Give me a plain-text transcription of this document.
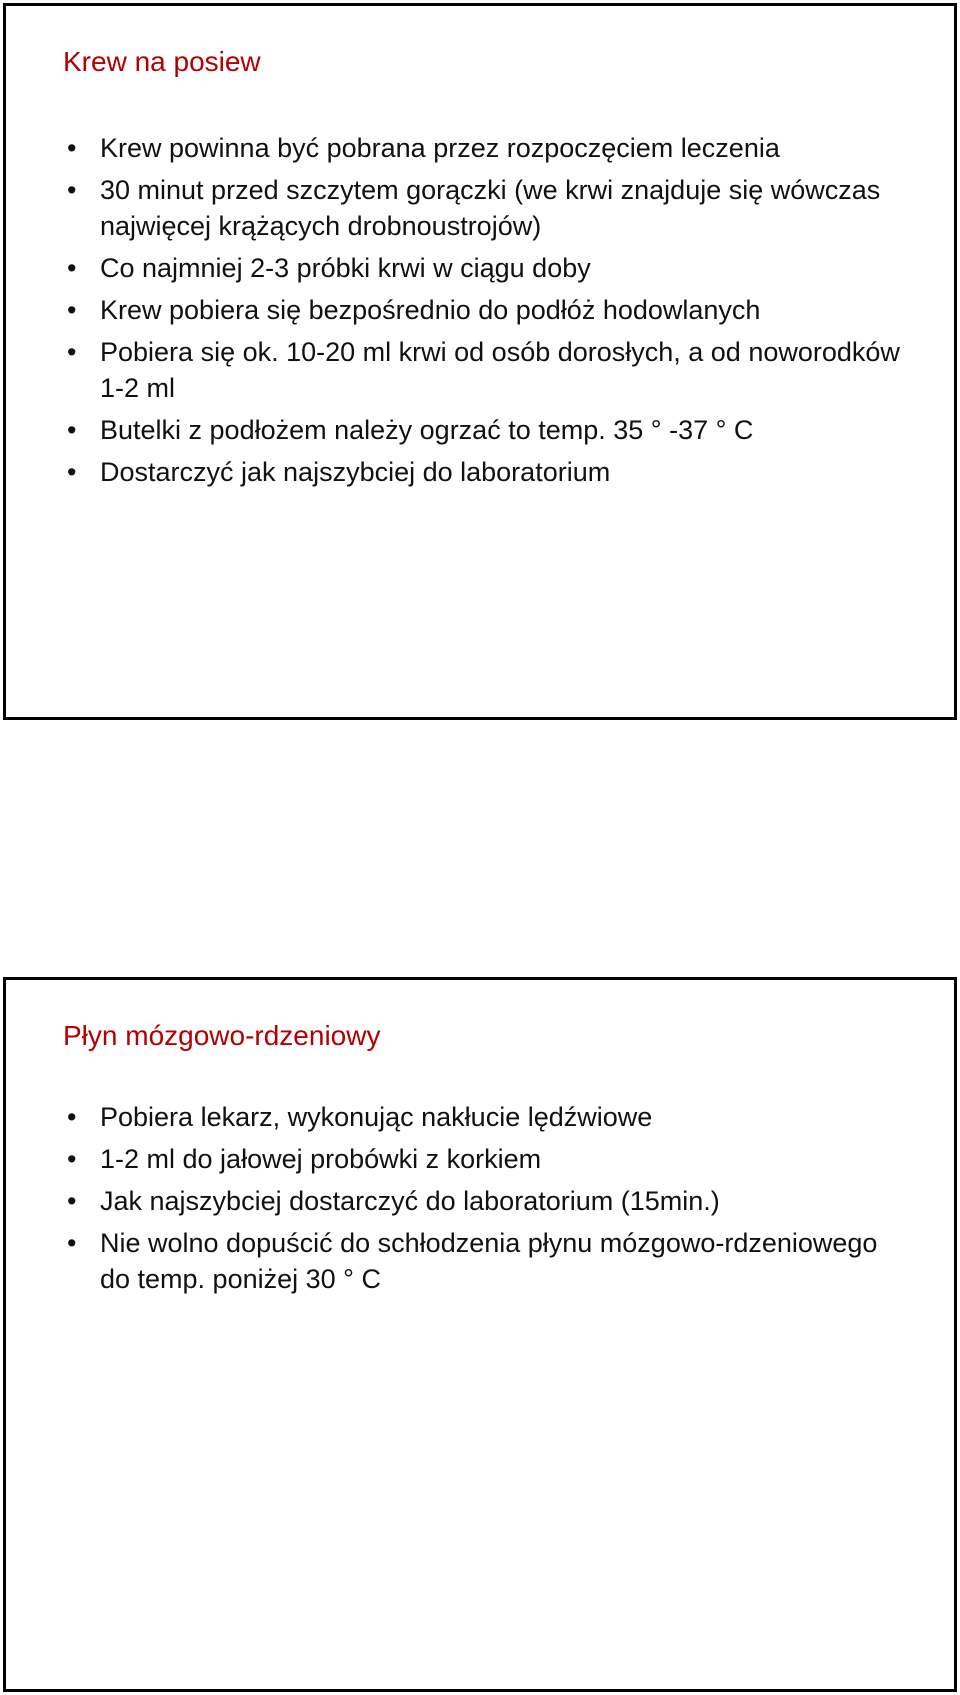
Krew na posiew
• Krew powinna być pobrana przez rozpoczęciem leczenia
• 30 minut przed szczytem gorączki (we krwi znajduje się wówczas najwięcej krążących drobnoustrojów)
• Co najmniej 2-3 próbki krwi w ciągu doby
• Krew pobiera się bezpośrednio do podłóż hodowlanych
• Pobiera się ok. 10-20 ml krwi od osób dorosłych, a od noworodków 1-2 ml
• Butelki z podłożem należy ogrzać to temp. 35 ° -37 ° C
• Dostarczyć jak najszybciej do laboratorium
Płyn mózgowo-rdzeniowy
• Pobiera lekarz, wykonując nakłucie lędźwiowe
• 1-2 ml do jałowej probówki z korkiem
• Jak najszybciej dostarczyć do laboratorium (15min.)
• Nie wolno dopuścić do schłodzenia płynu mózgowo-rdzeniowego do temp. poniżej 30 ° C
